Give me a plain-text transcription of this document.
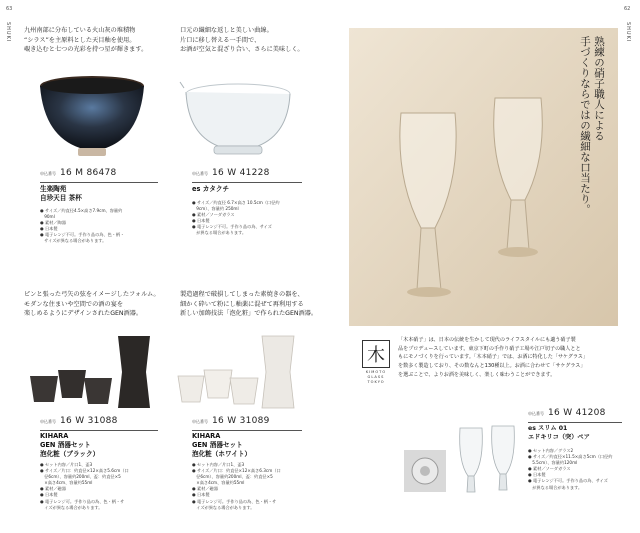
63	62
SHUKI	SHUKI
九州南部に分布している火山灰の堆積物
“シラス”を主原料とした天目釉を使用。
覗き込むと七つの光彩を持つ星が輝きます。
口元の繊細な返しと美しい曲線。
片口に移し替える一手間で、
お酒が空気と混ざり合い、さらに美味しく。
申込番号 16 M 86478
生楽陶苑
自珍天目 茶杯
● サイズ／約直径4.5×高さ7.9cm、容量約
　90ml
● 素材／陶器
● 日本製
● 電子レンジ不可。手作り品の為、色・柄・
　サイズが異なる場合があります。
申込番号 16 W 41228
es カタクチ
● サイズ／約直径 6.7×高さ 10.5cm（口径約
　9cm）、容量約 250ml
● 素材／ソーダガラス
● 日本製
● 電子レンジ不可。手作り品の為、サイズ
　が異なる場合があります。
熟練の硝子職人による
手づくりならではの繊細な口当たり。
ピンと張った弓矢の弦をイメージしたフォルム。
モダンな住まいや空間での酒の宴を
楽しめるようにデザインされたGEN酒器。
製造過程で破損してしまった素焼きの器を、
細かく砕いて粉にし釉薬に混ぜて再利用する
新しい加飾技法「泡化粧」で作られたGEN酒器。
申込番号 16 W 31088
KIHARA
GEN 酒器セット
泡化粧（ブラック）
● セット内容／片口1、盃3
● サイズ／片口：約直径×12×高さ5.6cm（口
　径6cm）、容量約200ml、盃：約直径×5
　×高さ4cm、容量約55ml
● 素材／磁器
● 日本製
● 電子レンジ可。手作り品の為、色・柄・サ
　イズが異なる場合があります。
申込番号 16 W 31089
KIHARA
GEN 酒器セット
泡化粧（ホワイト）
● セット内容／片口1、盃3
● サイズ／片口：約直径×12×高さ6.3cm（口
　径6cm）、容量約200ml、盃：約直径×5
　×高さ4cm、容量約55ml
● 素材／磁器
● 日本製
● 電子レンジ可。手作り品の為、色・柄・サ
　イズが異なる場合があります。
木
KIMOTO GLASS TOKYO
「木本硝子」は、日本の伝統を生かして現代のライフスタイルにも適う硝子製
品をプロデュースしています。東京下町の手作り硝子工場や江戸切子の職人とと
もにモノづくりを行っています。「木本硝子」では、お酒に特化した「サケグラス」
を数多く製造しており、その数なんと130種以上。お酒に合わせて「サケグラス」
を選ぶことで、よりお酒を美味しく、楽しく味わうことができます。
申込番号 16 W 41208
es スリム 01
エドキリコ（突）ペア
● セット内容／グラス2
● サイズ／約直径×11.5×高さ5cm（口径約
　5.5cm）、容量約120ml
● 素材／ソーダガラス
● 日本製
● 電子レンジ不可。手作り品の為、サイズ
　が異なる場合があります。
